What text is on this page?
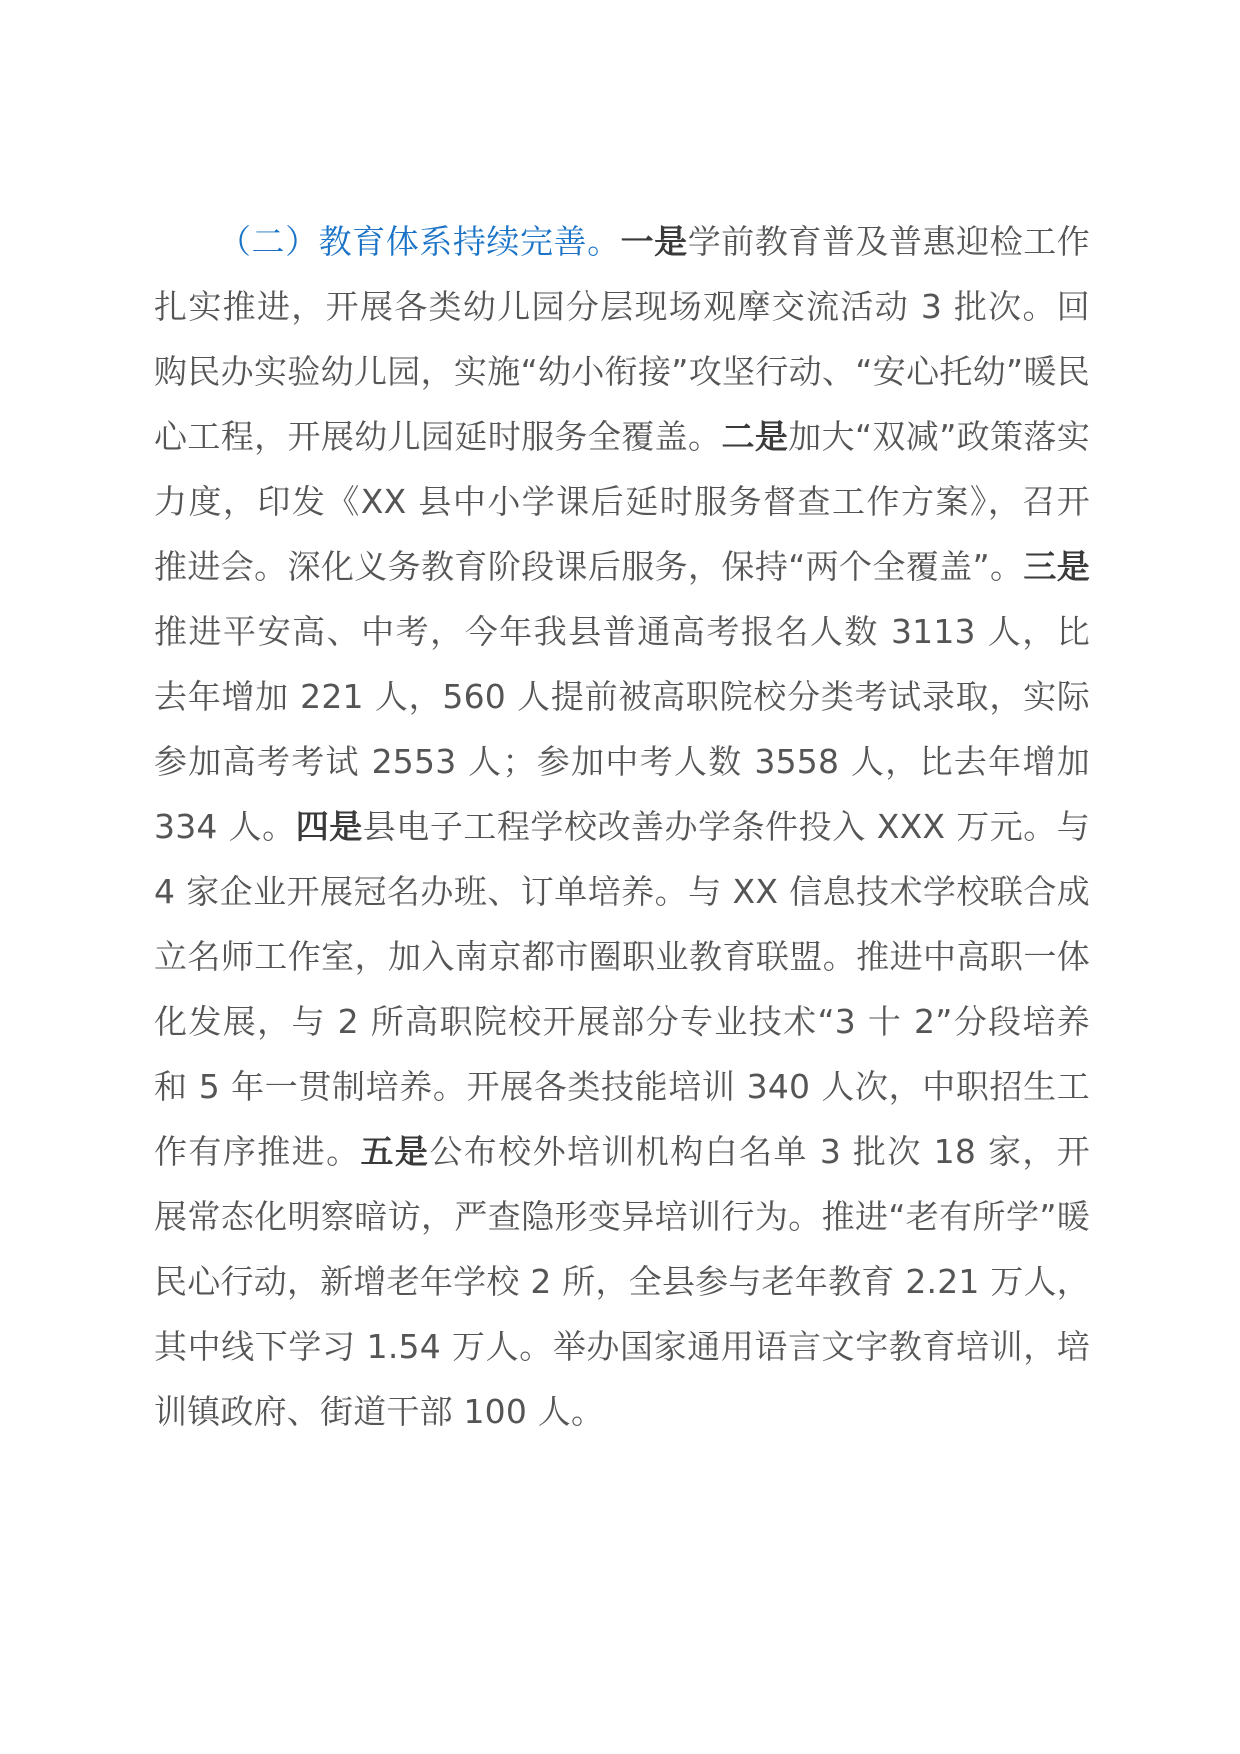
（二）教育体系持续完善。一是学前教育普及普惠迎检工作扎实推进，开展各类幼儿园分层现场观摩交流活动 3 批次。回购民办实验幼儿园，实施“幼小衔接”攻坚行动、“安心托幼”暖民心工程，开展幼儿园延时服务全覆盖。二是加大“双减”政策落实力度，印发《XX 县中小学课后延时服务督查工作方案》，召开推进会。深化义务教育阶段课后服务，保持“两个全覆盖”。三是推进平安高、中考，今年我县普通高考报名人数 3113 人，比去年增加 221 人，560 人提前被高职院校分类考试录取，实际参加高考考试 2553 人；参加中考人数 3558 人，比去年增加 334 人。四是县电子工程学校改善办学条件投入 XXX 万元。与 4 家企业开展冠名办班、订单培养。与 XX 信息技术学校联合成立名师工作室，加入南京都市圈职业教育联盟。推进中高职一体化发展，与 2 所高职院校开展部分专业技术“3 十 2”分段培养和 5 年一贯制培养。开展各类技能培训 340 人次，中职招生工作有序推进。五是公布校外培训机构白名单 3 批次 18 家，开展常态化明察暗访，严查隐形变异培训行为。推进“老有所学”暖民心行动，新增老年学校 2 所，全县参与老年教育 2.21 万人，其中线下学习 1.54 万人。举办国家通用语言文字教育培训，培训镇政府、街道干部 100 人。
